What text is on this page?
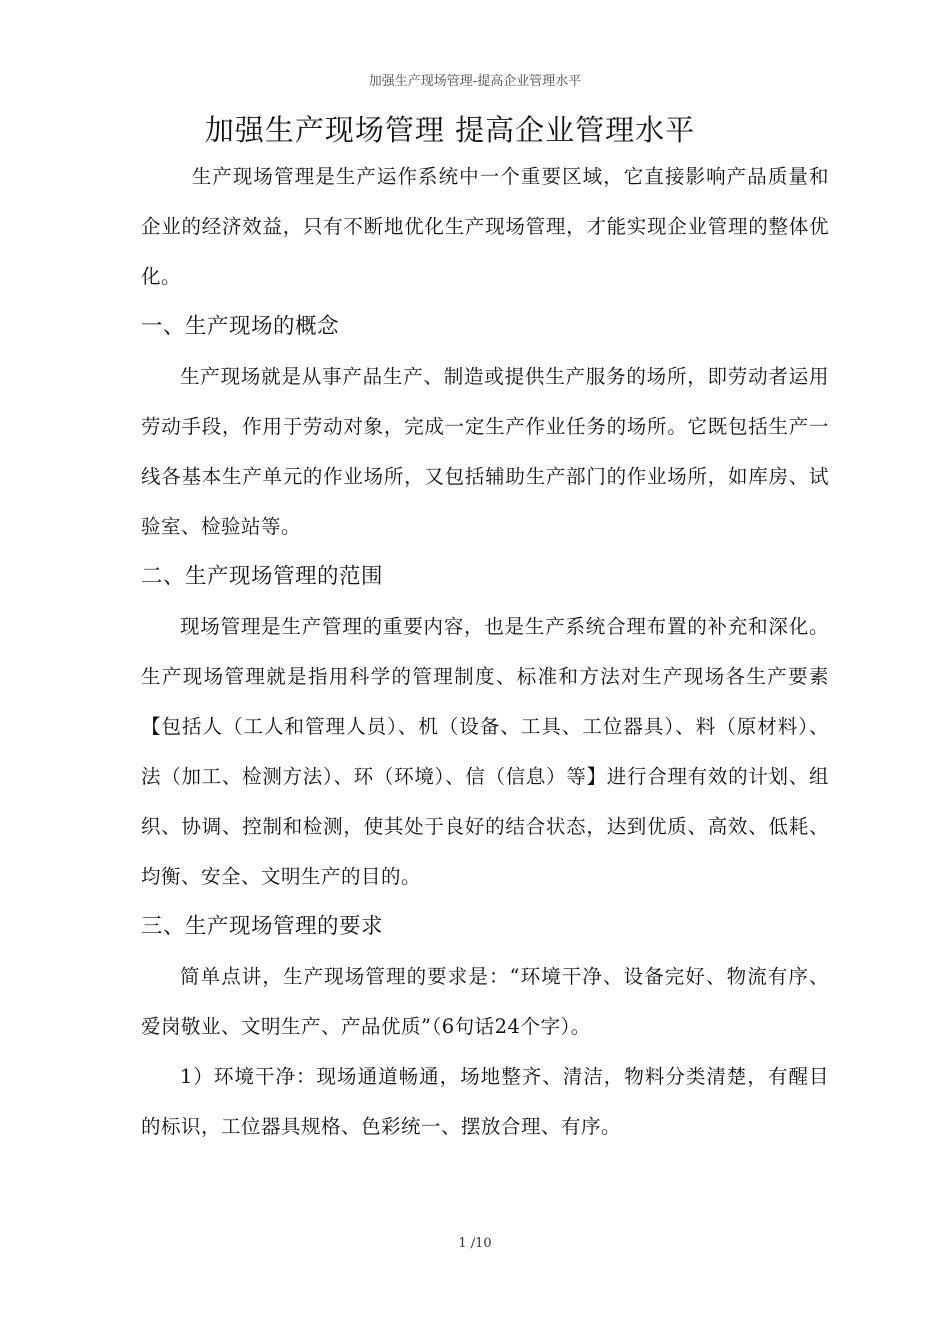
加强生产现场管理-提高企业管理水平
加强生产现场管理 提高企业管理水平

生产现场管理是生产运作系统中一个重要区域，它直接影响产品质量和企业的经济效益，只有不断地优化生产现场管理，才能实现企业管理的整体优化。

一、生产现场的概念

生产现场就是从事产品生产、制造或提供生产服务的场所，即劳动者运用劳动手段，作用于劳动对象，完成一定生产作业任务的场所。它既包括生产一线各基本生产单元的作业场所，又包括辅助生产部门的作业场所，如库房、试验室、检验站等。

二、生产现场管理的范围

现场管理是生产管理的重要内容，也是生产系统合理布置的补充和深化。生产现场管理就是指用科学的管理制度、标准和方法对生产现场各生产要素【包括人（工人和管理人员）、机（设备、工具、工位器具）、料（原材料）、法（加工、检测方法）、环（环境）、信（信息）等】进行合理有效的计划、组织、协调、控制和检测，使其处于良好的结合状态，达到优质、高效、低耗、均衡、安全、文明生产的目的。

三、生产现场管理的要求

简单点讲，生产现场管理的要求是：“环境干净、设备完好、物流有序、爱岗敬业、文明生产、产品优质”（6句话24个字）。

1）环境干净：现场通道畅通，场地整齐、清洁，物料分类清楚，有醒目的标识，工位器具规格、色彩统一、摆放合理、有序。

1 /10
